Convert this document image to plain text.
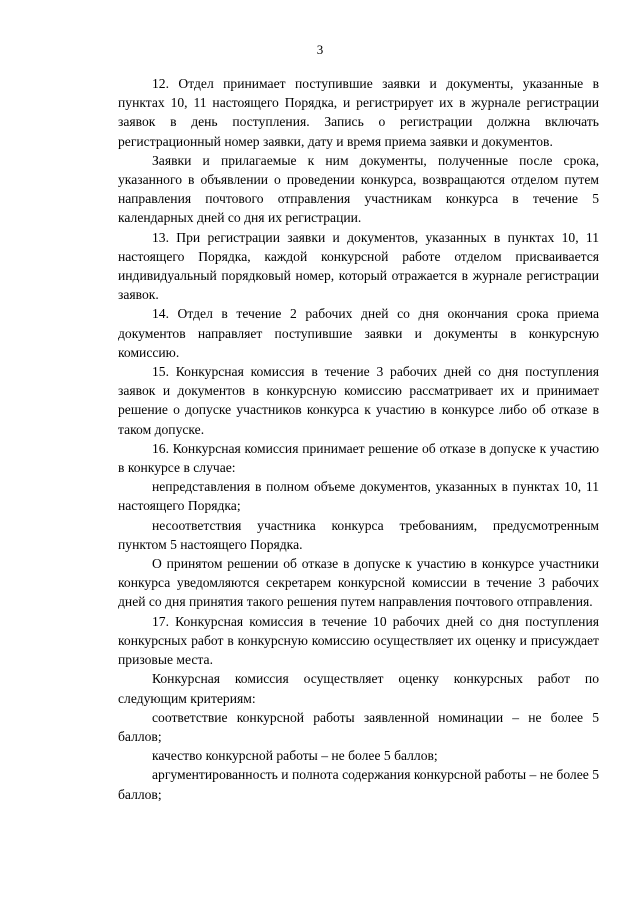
3

12. Отдел принимает поступившие заявки и документы, указанные в пунктах 10, 11 настоящего Порядка, и регистрирует их в журнале регистрации заявок в день поступления. Запись о регистрации должна включать регистрационный номер заявки, дату и время приема заявки и документов.

Заявки и прилагаемые к ним документы, полученные после срока, указанного в объявлении о проведении конкурса, возвращаются отделом путем направления почтового отправления участникам конкурса в течение 5 календарных дней со дня их регистрации.

13. При регистрации заявки и документов, указанных в пунктах 10, 11 настоящего Порядка, каждой конкурсной работе отделом присваивается индивидуальный порядковый номер, который отражается в журнале регистрации заявок.

14. Отдел в течение 2 рабочих дней со дня окончания срока приема документов направляет поступившие заявки и документы в конкурсную комиссию.

15. Конкурсная комиссия в течение 3 рабочих дней со дня поступления заявок и документов в конкурсную комиссию рассматривает их и принимает решение о допуске участников конкурса к участию в конкурсе либо об отказе в таком допуске.

16. Конкурсная комиссия принимает решение об отказе в допуске к участию в конкурсе в случае:

непредставления в полном объеме документов, указанных в пунктах 10, 11 настоящего Порядка;

несоответствия участника конкурса требованиям, предусмотренным пунктом 5 настоящего Порядка.

О принятом решении об отказе в допуске к участию в конкурсе участники конкурса уведомляются секретарем конкурсной комиссии в течение 3 рабочих дней со дня принятия такого решения путем направления почтового отправления.

17. Конкурсная комиссия в течение 10 рабочих дней со дня поступления конкурсных работ в конкурсную комиссию осуществляет их оценку и присуждает призовые места.

Конкурсная комиссия осуществляет оценку конкурсных работ по следующим критериям:

соответствие конкурсной работы заявленной номинации – не более 5 баллов;

качество конкурсной работы – не более 5 баллов;

аргументированность и полнота содержания конкурсной работы – не более 5 баллов;
